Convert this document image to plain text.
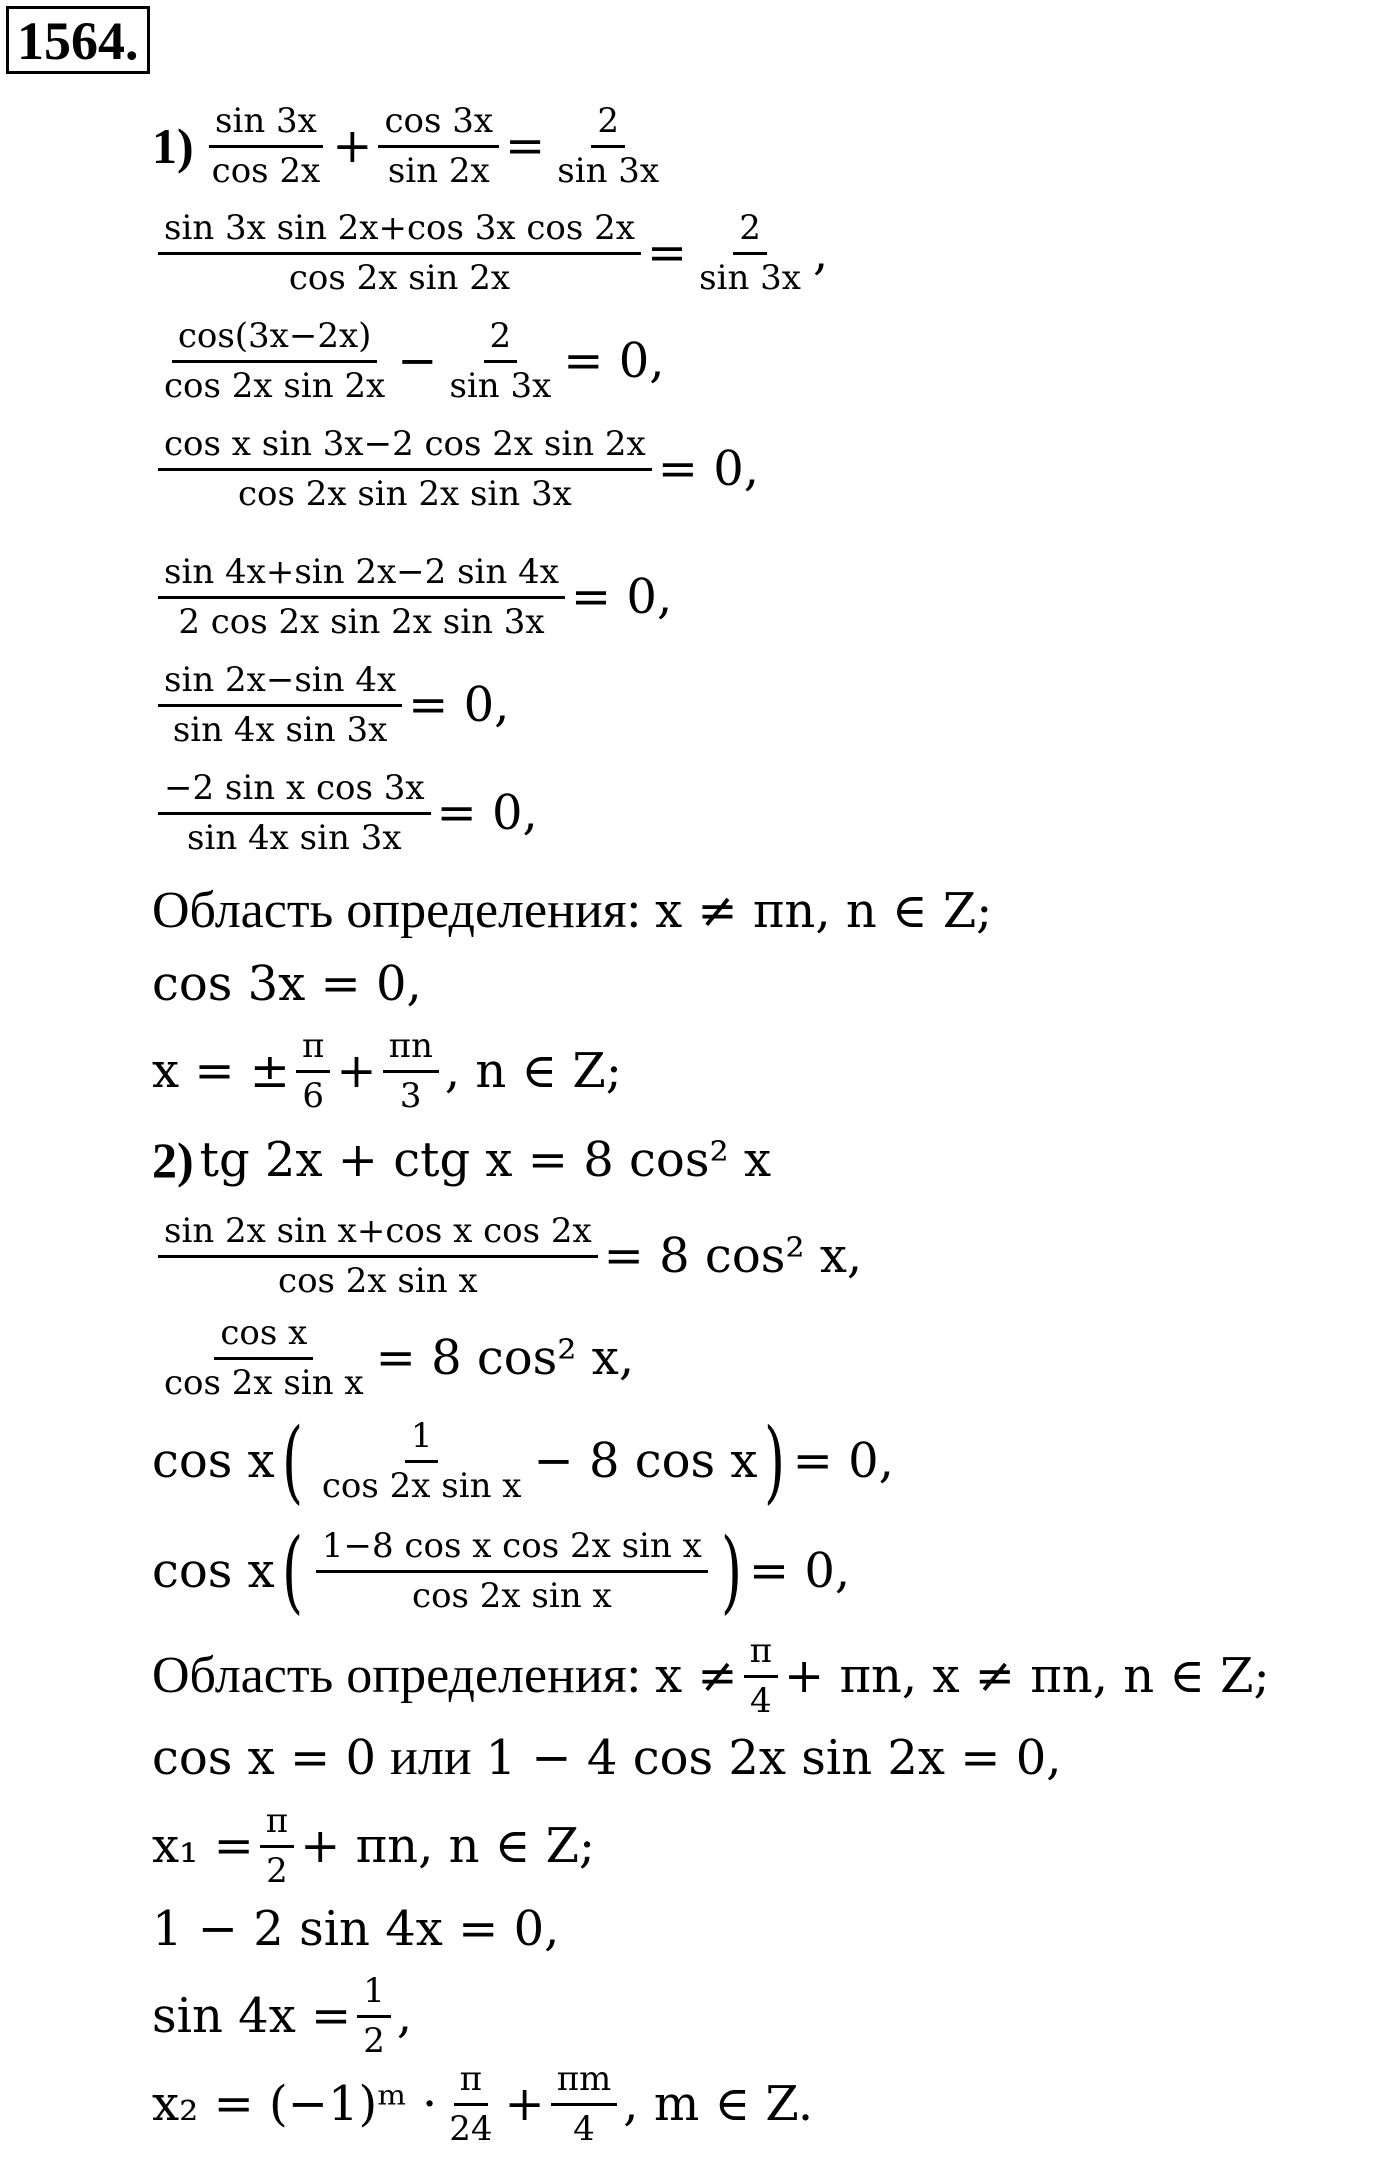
1564.
$1) \frac{\sin 3x}{\cos 2x} + \frac{\cos 3x}{\sin 2x} = \frac{2}{\sin 3x}$
$\frac{\text{sin 3x sin 2x+cos 3x cos 2x}}{\text{cos 2x sin 2x}} = \frac{2}{\sin 3x}$ ,
$\frac{\cos(3x-2x)}{\text{cos 2x sin 2x}} - \frac{2}{\sin 3x} = 0$,
$\frac{\text{cos x sin 3x−2 cos 2x sin 2x}}{\text{cos 2x sin 2x sin 3x}} = 0$,
$\frac{\sin 4x+\sin 2x-2 \sin 4x}{\text{2 cos 2x sin 2x sin 3x}} = 0$,
$\frac{\sin 2x-\sin 4x}{\text{sin 4x sin 3x}} = 0$,
$\frac{\text{−2 sin x cos 3x}}{\text{sin 4x sin 3x}} = 0$,
Область определения: x ≠ πn, n ∈ Z;
cos 3x = 0,
x = ± $\frac{\pi}{6} + \frac{\pi n}{3}$ , n ∈ Z;
2) tg 2x + ctg x = 8 cos² x
$\frac{\text{sin 2x sin x+cos x cos 2x}}{\text{cos 2x sin x}} = 8$ cos² x,
$\frac{\text{cos x}}{\text{cos 2x sin x}} = 8$ cos² x,
cos x ( $\frac{1}{\text{cos 2x sin x}} - 8$ cos x ) = 0,
cos x ( $\frac{\text{1−8 cos x cos 2x sin x}}{\text{cos 2x sin x}}$ ) = 0,
Область определения: $x \ne \frac{\pi}{4} + \pi n$, x ≠ πn, n ∈ Z;
cos x = 0 или 1 − 4 cos 2x sin 2x = 0,
$x_1 = \frac{\pi}{2} + \pi n$, n ∈ Z;
1 − 2 sin 4x = 0,
$\sin 4x = \frac{1}{2}$ ,
x₂ = (−1)ᵐ · $\frac{\pi}{24} + \frac{\pi m}{4}$ , m ∈ Z.
